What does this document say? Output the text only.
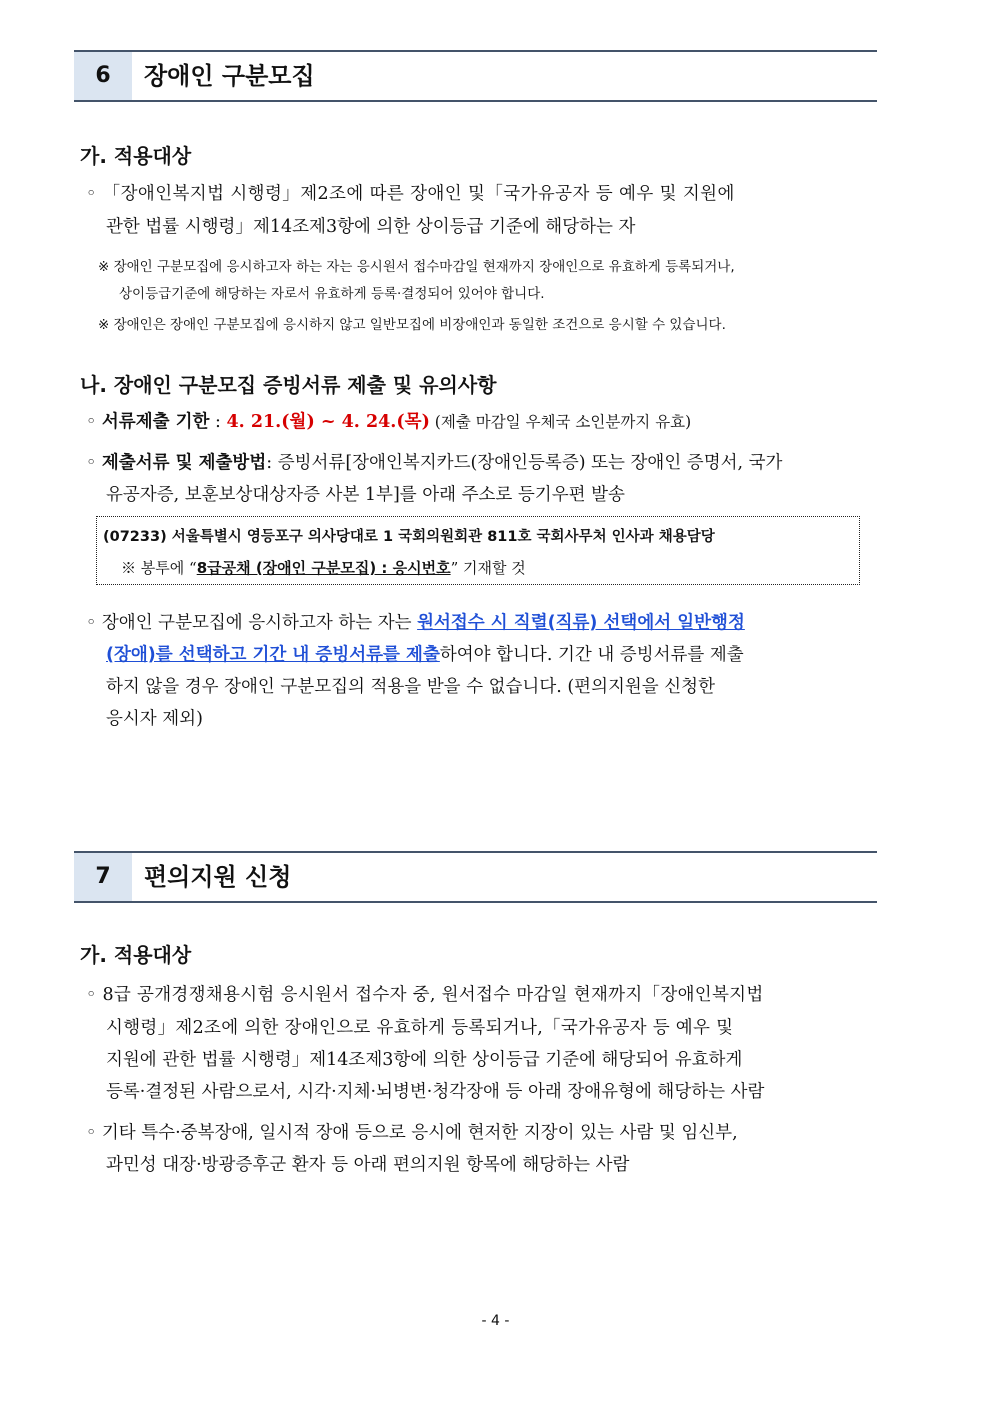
6	장애인 구분모집
가. 적용대상
◦ 「장애인복지법 시행령」제2조에 따른 장애인 및「국가유공자 등 예우 및 지원에
관한 법률 시행령」제14조제3항에 의한 상이등급 기준에 해당하는 자
※ 장애인 구분모집에 응시하고자 하는 자는 응시원서 접수마감일 현재까지 장애인으로 유효하게 등록되거나,
상이등급기준에 해당하는 자로서 유효하게 등록·결정되어 있어야 합니다.
※ 장애인은 장애인 구분모집에 응시하지 않고 일반모집에 비장애인과 동일한 조건으로 응시할 수 있습니다.
나. 장애인 구분모집 증빙서류 제출 및 유의사항
◦ 서류제출 기한 : 4. 21.(월) ~ 4. 24.(목) (제출 마감일 우체국 소인분까지 유효)
◦ 제출서류 및 제출방법: 증빙서류[장애인복지카드(장애인등록증) 또는 장애인 증명서, 국가
유공자증, 보훈보상대상자증 사본 1부]를 아래 주소로 등기우편 발송
(07233) 서울특별시 영등포구 의사당대로 1 국회의원회관 811호 국회사무처 인사과 채용담당
※ 봉투에 “8급공채 (장애인 구분모집) : 응시번호” 기재할 것
◦ 장애인 구분모집에 응시하고자 하는 자는 원서접수 시 직렬(직류) 선택에서 일반행정
(장애)를 선택하고 기간 내 증빙서류를 제출하여야 합니다. 기간 내 증빙서류를 제출
하지 않을 경우 장애인 구분모집의 적용을 받을 수 없습니다. (편의지원을 신청한
응시자 제외)
7	편의지원 신청
가. 적용대상
◦ 8급 공개경쟁채용시험 응시원서 접수자 중, 원서접수 마감일 현재까지「장애인복지법
시행령」제2조에 의한 장애인으로 유효하게 등록되거나,「국가유공자 등 예우 및
지원에 관한 법률 시행령」제14조제3항에 의한 상이등급 기준에 해당되어 유효하게
등록·결정된 사람으로서, 시각·지체·뇌병변·청각장애 등 아래 장애유형에 해당하는 사람
◦ 기타 특수·중복장애, 일시적 장애 등으로 응시에 현저한 지장이 있는 사람 및 임신부,
과민성 대장·방광증후군 환자 등 아래 편의지원 항목에 해당하는 사람
- 4 -
